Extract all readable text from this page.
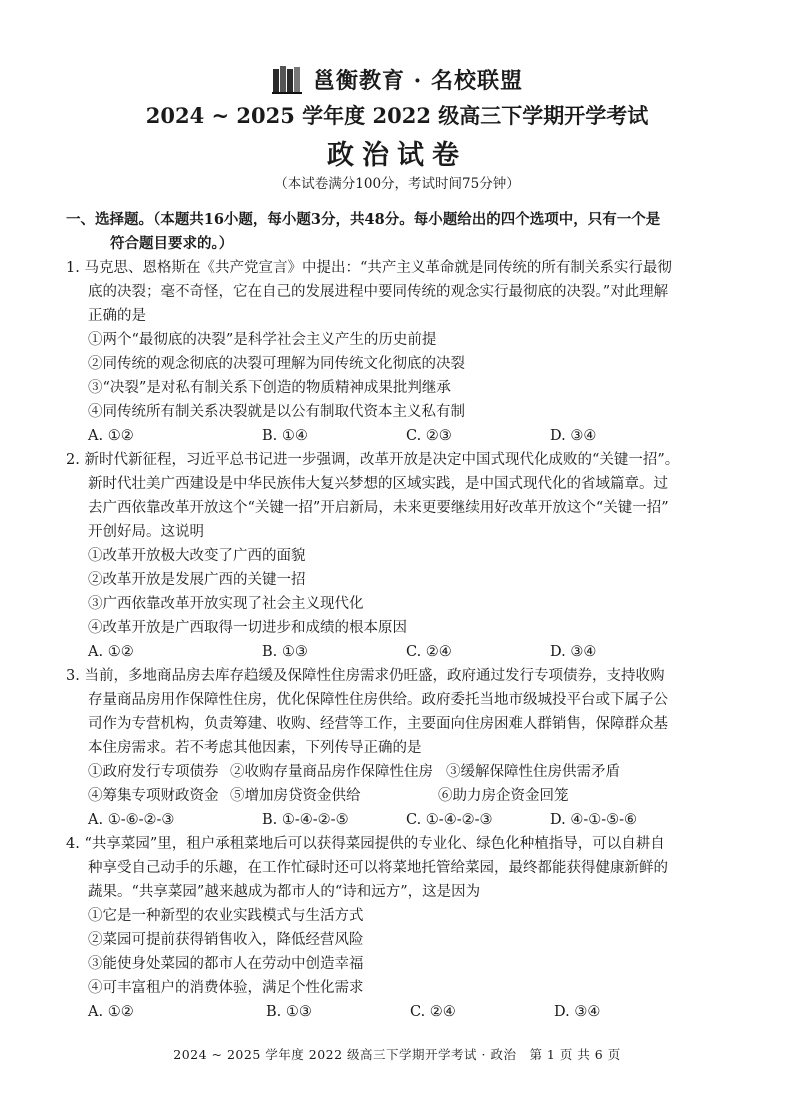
邕衡教育 · 名校联盟
2024 ~ 2025 学年度 2022 级高三下学期开学考试
政治试卷
（本试卷满分100分，考试时间75分钟）
一、选择题。（本题共16小题，每小题3分，共48分。每小题给出的四个选项中，只有一个是
符合题目要求的。）
1. 马克思、恩格斯在《共产党宣言》中提出：“共产主义革命就是同传统的所有制关系实行最彻
底的决裂；毫不奇怪，它在自己的发展进程中要同传统的观念实行最彻底的决裂。”对此理解
正确的是
①两个“最彻底的决裂”是科学社会主义产生的历史前提
②同传统的观念彻底的决裂可理解为同传统文化彻底的决裂
③“决裂”是对私有制关系下创造的物质精神成果批判继承
④同传统所有制关系决裂就是以公有制取代资本主义私有制
A. ①②	B. ①④	C. ②③	D. ③④
2. 新时代新征程，习近平总书记进一步强调，改革开放是决定中国式现代化成败的“关键一招”。
新时代壮美广西建设是中华民族伟大复兴梦想的区域实践，是中国式现代化的省域篇章。过
去广西依靠改革开放这个“关键一招”开启新局，未来更要继续用好改革开放这个“关键一招”
开创好局。这说明
①改革开放极大改变了广西的面貌
②改革开放是发展广西的关键一招
③广西依靠改革开放实现了社会主义现代化
④改革开放是广西取得一切进步和成绩的根本原因
A. ①②	B. ①③	C. ②④	D. ③④
3. 当前，多地商品房去库存趋缓及保障性住房需求仍旺盛，政府通过发行专项债券，支持收购
存量商品房用作保障性住房，优化保障性住房供给。政府委托当地市级城投平台或下属子公
司作为专营机构，负责筹建、收购、经营等工作，主要面向住房困难人群销售，保障群众基
本住房需求。若不考虑其他因素，下列传导正确的是
①政府发行专项债券 ②收购存量商品房作保障性住房 ③缓解保障性住房供需矛盾
④筹集专项财政资金 ⑤增加房贷资金供给	⑥助力房企资金回笼
A. ①-⑥-②-③	B. ①-④-②-⑤	C. ①-④-②-③	D. ④-①-⑤-⑥
4. “共享菜园”里，租户承租菜地后可以获得菜园提供的专业化、绿色化种植指导，可以自耕自
种享受自己动手的乐趣，在工作忙碌时还可以将菜地托管给菜园，最终都能获得健康新鲜的
蔬果。“共享菜园”越来越成为都市人的“诗和远方”，这是因为
①它是一种新型的农业实践模式与生活方式
②菜园可提前获得销售收入，降低经营风险
③能使身处菜园的都市人在劳动中创造幸福
④可丰富租户的消费体验，满足个性化需求
A. ①②	B. ①③	C. ②④	D. ③④
2024 ~ 2025 学年度 2022 级高三下学期开学考试 · 政治　第 1 页 共 6 页
